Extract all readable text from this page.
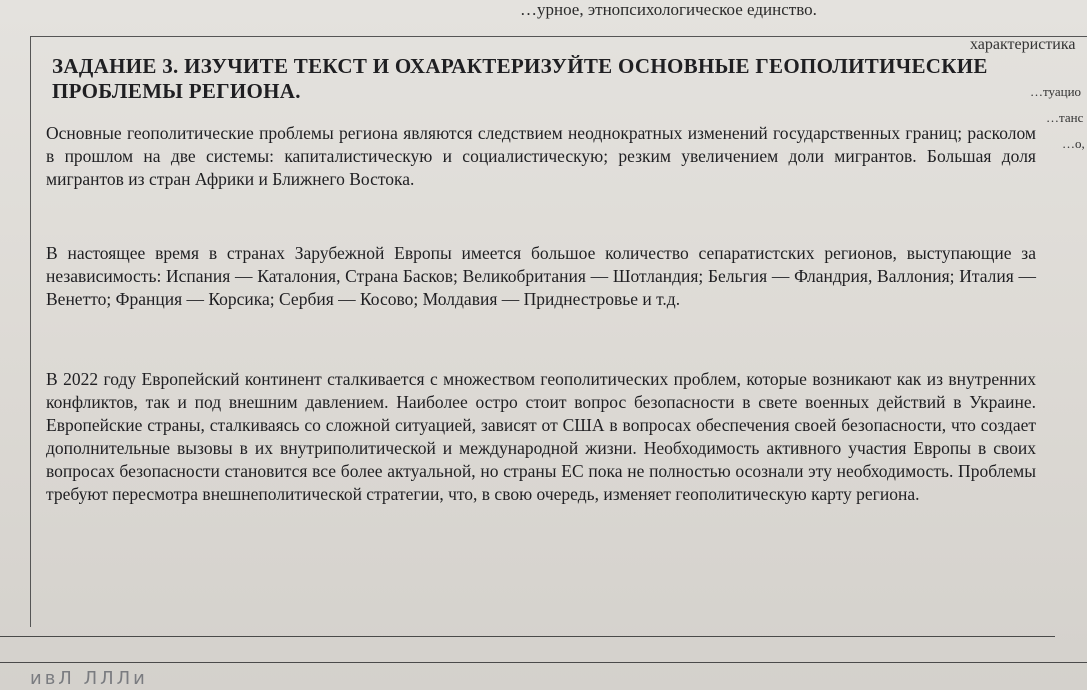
…урное, этнопсихологическое единство.
характеристика
…туацио
…танс
…о,
ЗАДАНИЕ 3. ИЗУЧИТЕ ТЕКСТ И ОХАРАКТЕРИЗУЙТЕ ОСНОВНЫЕ ГЕОПОЛИТИЧЕСКИЕ ПРОБЛЕМЫ РЕГИОНА.
Основные геополитические проблемы региона являются следствием неоднократных изменений государственных границ; расколом в прошлом на две системы: капиталистическую и социалистическую; резким увеличением доли мигрантов. Большая доля мигрантов из стран Африки и Ближнего Востока.
В настоящее время в странах Зарубежной Европы имеется большое количество сепаратистских регионов, выступающие за независимость: Испания — Каталония, Страна Басков; Великобритания — Шотландия; Бельгия — Фландрия, Валлония; Италия — Венетто; Франция — Корсика; Сербия — Косово; Молдавия — Приднестровье и т.д.
В 2022 году Европейский континент сталкивается с множеством геополитических проблем, которые возникают как из внутренних конфликтов, так и под внешним давлением. Наиболее остро стоит вопрос безопасности в свете военных действий в Украине. Европейские страны, сталкиваясь со сложной ситуацией, зависят от США в вопросах обеспечения своей безопасности, что создает дополнительные вызовы в их внутриполитической и международной жизни. Необходимость активного участия Европы в своих вопросах безопасности становится все более актуальной, но страны ЕС пока не полностью осознали эту необходимость. Проблемы требуют пересмотра внешнеполитической стратегии, что, в свою очередь, изменяет геополитическую карту региона.
ивЛ ЛЛЛи
